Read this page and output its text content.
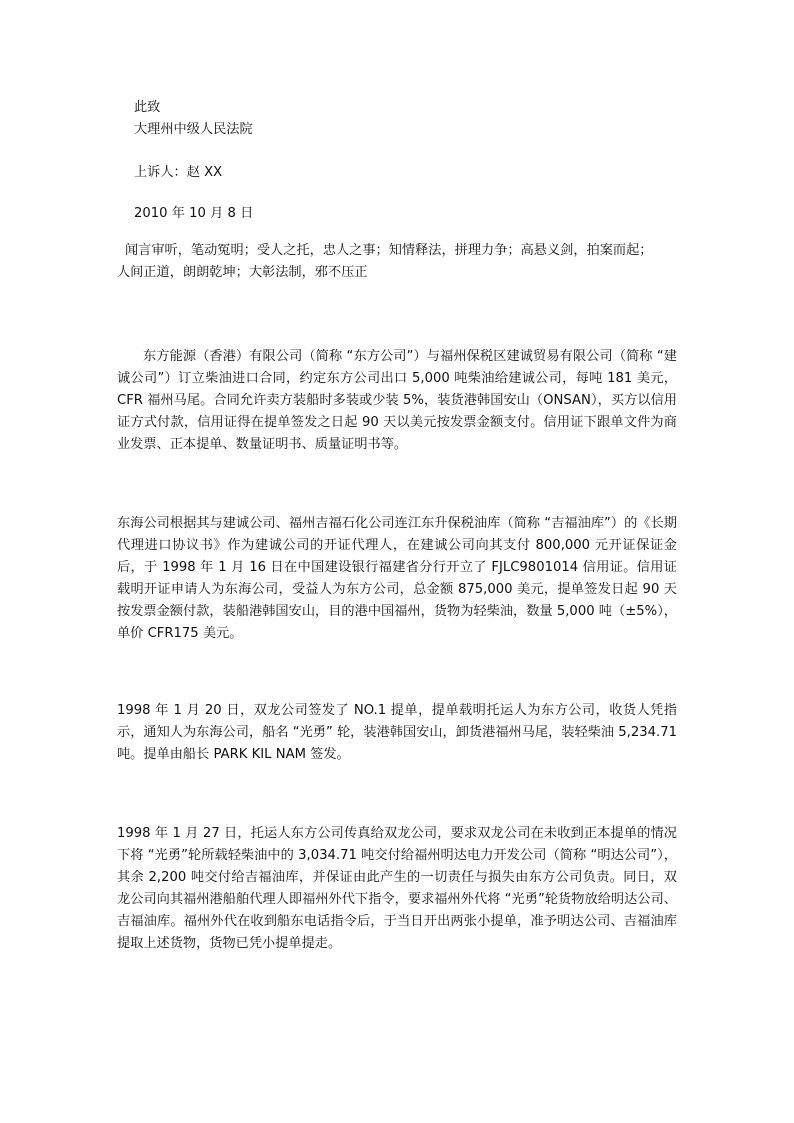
此致
大理州中级人民法院
上诉人：赵 XX
2010 年 10 月 8 日
闻言审听，笔动冤明；受人之托，忠人之事；知情释法，拼理力争；高悬义剑，拍案而起；
人间正道，朗朗乾坤；大彰法制，邪不压正

东方能源（香港）有限公司（简称 “东方公司”）与福州保税区建诚贸易有限公司（简称 “建诚公司”）订立柴油进口合同，约定东方公司出口 5,000 吨柴油给建诚公司，每吨 181 美元，CFR 福州马尾。合同允许卖方装船时多装或少装 5%，装货港韩国安山（ONSAN），买方以信用证方式付款，信用证得在提单签发之日起 90 天以美元按发票金额支付。信用证下跟单文件为商业发票、正本提单、数量证明书、质量证明书等。

东海公司根据其与建诚公司、福州吉福石化公司连江东升保税油库（简称 “吉福油库”）的《长期代理进口协议书》作为建诚公司的开证代理人，在建诚公司向其支付 800,000 元开证保证金后，于 1998 年 1 月 16 日在中国建设银行福建省分行开立了 FJLC9801014 信用证。信用证载明开证申请人为东海公司，受益人为东方公司，总金额 875,000 美元，提单签发日起 90 天按发票金额付款，装船港韩国安山，目的港中国福州，货物为轻柴油，数量 5,000 吨（±5%），单价 CFR175 美元。

1998 年 1 月 20 日，双龙公司签发了 NO.1 提单，提单载明托运人为东方公司，收货人凭指示，通知人为东海公司，船名 “光勇” 轮，装港韩国安山，卸货港福州马尾，装轻柴油 5,234.71 吨。提单由船长 PARK KIL NAM 签发。

1998 年 1 月 27 日，托运人东方公司传真给双龙公司，要求双龙公司在未收到正本提单的情况下将 “光勇”轮所载轻柴油中的 3,034.71 吨交付给福州明达电力开发公司（简称 “明达公司”），其余 2,200 吨交付给吉福油库，并保证由此产生的一切责任与损失由东方公司负责。同日，双龙公司向其福州港船舶代理人即福州外代下指令，要求福州外代将 “光勇”轮货物放给明达公司、吉福油库。福州外代在收到船东电话指令后，于当日开出两张小提单，准予明达公司、吉福油库提取上述货物，货物已凭小提单提走。
